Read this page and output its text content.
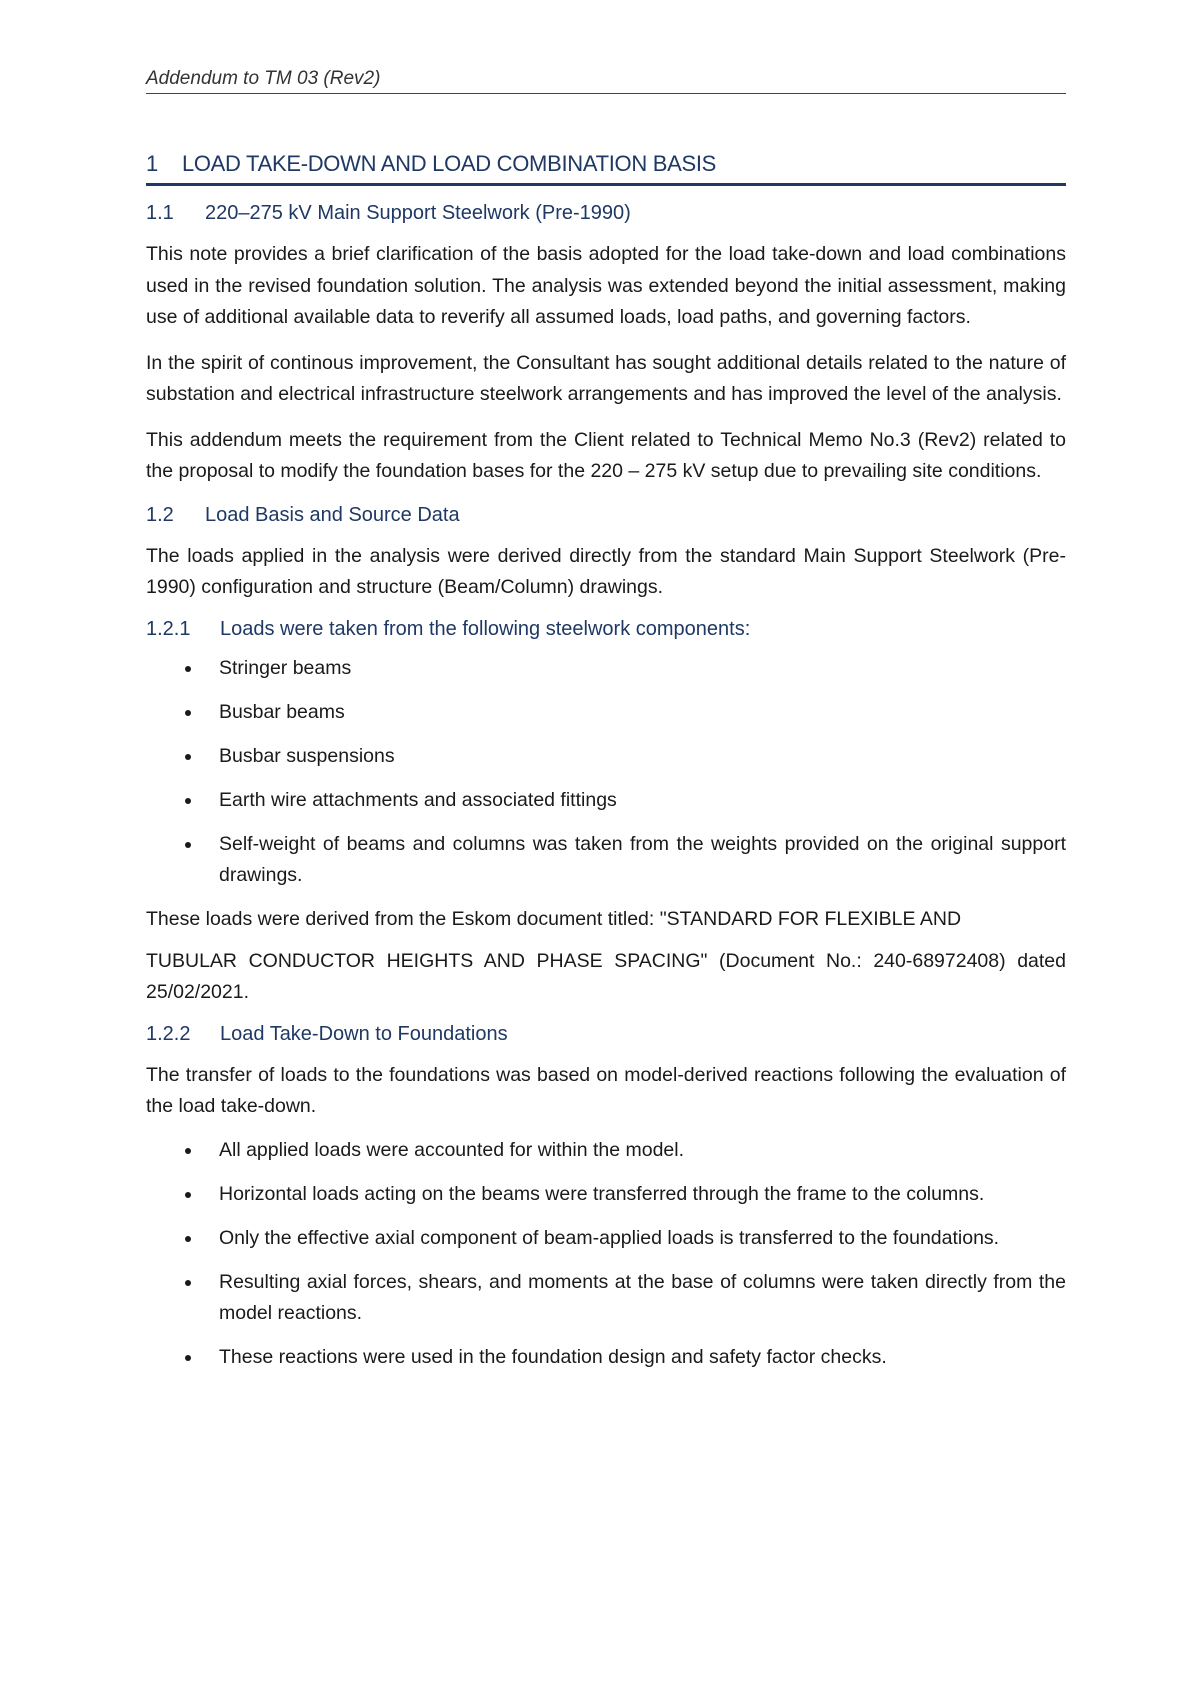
Addendum to TM 03 (Rev2)
1 LOAD TAKE-DOWN AND LOAD COMBINATION BASIS
1.1	220–275 kV Main Support Steelwork (Pre-1990)

This note provides a brief clarification of the basis adopted for the load take-down and load combinations used in the revised foundation solution. The analysis was extended beyond the initial assessment, making use of additional available data to reverify all assumed loads, load paths, and governing factors.

In the spirit of continous improvement, the Consultant has sought additional details related to the nature of substation and electrical infrastructure steelwork arrangements and has improved the level of the analysis.

This addendum meets the requirement from the Client related to Technical Memo No.3 (Rev2) related to the proposal to modify the foundation bases for the 220 – 275 kV setup due to prevailing site conditions.

1.2	Load Basis and Source Data

The loads applied in the analysis were derived directly from the standard Main Support Steelwork (Pre-1990) configuration and structure (Beam/Column) drawings.

1.2.1	Loads were taken from the following steelwork components:
Stringer beams
Busbar beams
Busbar suspensions
Earth wire attachments and associated fittings
Self-weight of beams and columns was taken from the weights provided on the original support drawings.

These loads were derived from the Eskom document titled: "STANDARD FOR FLEXIBLE AND

TUBULAR CONDUCTOR HEIGHTS AND PHASE SPACING" (Document No.: 240-68972408) dated 25/02/2021.

1.2.2	Load Take-Down to Foundations

The transfer of loads to the foundations was based on model-derived reactions following the evaluation of the load take-down.

All applied loads were accounted for within the model.
Horizontal loads acting on the beams were transferred through the frame to the columns.
Only the effective axial component of beam-applied loads is transferred to the foundations.
Resulting axial forces, shears, and moments at the base of columns were taken directly from the model reactions.
These reactions were used in the foundation design and safety factor checks.
